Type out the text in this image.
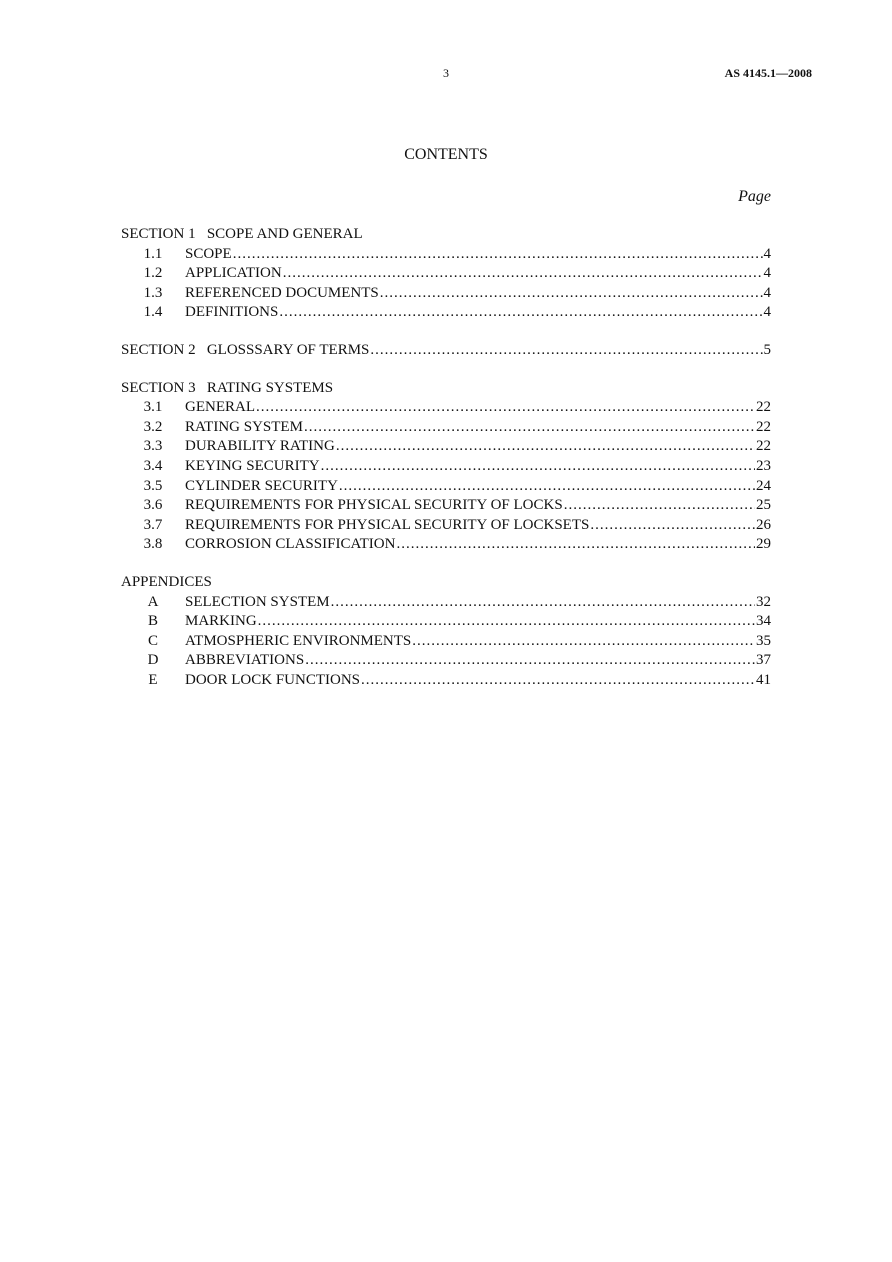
3	AS 4145.1—2008
CONTENTS
Page
SECTION 1   SCOPE AND GENERAL
1.1	SCOPE .....	4
1.2	APPLICATION .....	4
1.3	REFERENCED DOCUMENTS .....	4
1.4	DEFINITIONS .....	4
SECTION 2   GLOSSSARY OF TERMS .....	5
SECTION 3   RATING SYSTEMS
3.1	GENERAL .....	22
3.2	RATING SYSTEM .....	22
3.3	DURABILITY RATING .....	22
3.4	KEYING SECURITY .....	23
3.5	CYLINDER SECURITY .....	24
3.6	REQUIREMENTS FOR PHYSICAL SECURITY OF LOCKS .....	25
3.7	REQUIREMENTS FOR PHYSICAL SECURITY OF LOCKSETS .....	26
3.8	CORROSION CLASSIFICATION .....	29
APPENDICES
A	SELECTION SYSTEM .....	32
B	MARKING .....	34
C	ATMOSPHERIC ENVIRONMENTS .....	35
D	ABBREVIATIONS .....	37
E	DOOR LOCK FUNCTIONS .....	41
